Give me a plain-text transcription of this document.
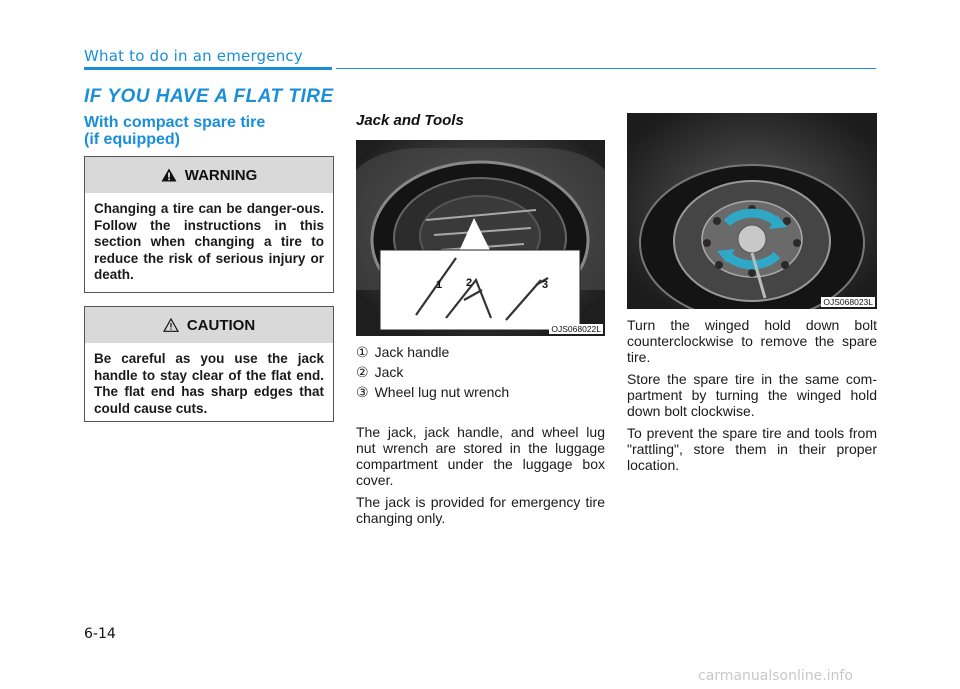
What to do in an emergency
IF YOU HAVE A FLAT TIRE
With compact spare tire
(if equipped)
WARNING
Changing a tire can be danger-ous. Follow the instructions in this section when changing a tire to reduce the risk of serious injury or death.
CAUTION
Be careful as you use the jack handle to stay clear of the flat end. The flat end has sharp edges that could cause cuts.
Jack and Tools
1 2	3
OJS068022L
① Jack handle
② Jack
③ Wheel lug nut wrench

The jack, jack handle, and wheel lug nut wrench are stored in the luggage compartment under the luggage box cover.

The jack is provided for emergency tire changing only.

OJS068023L

Turn the winged hold down bolt counterclockwise to remove the spare tire.

Store the spare tire in the same com-partment by turning the winged hold down bolt clockwise.

To prevent the spare tire and tools from "rattling", store them in their proper location.

6-14
carmanualsonline.info
